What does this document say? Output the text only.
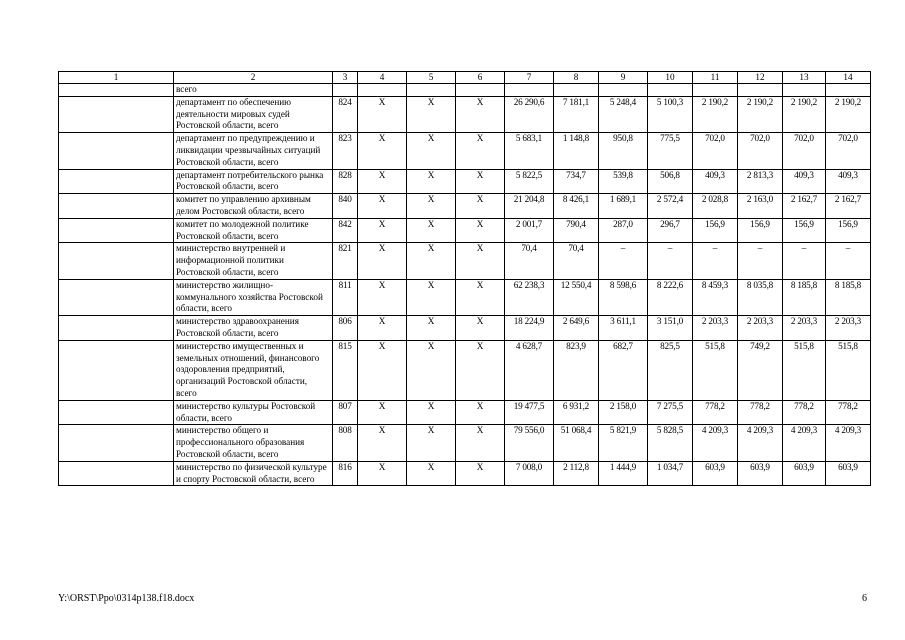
1	2	3	4	5	6	7	8	9	10	11	12	13	14
	всего												
	департамент по обеспечению деятельности мировых судей Ростовской области, всего	824	X	X	X	26 290,6	7 181,1	5 248,4	5 100,3	2 190,2	2 190,2	2 190,2	2 190,2
	департамент по предупреждению и ликвидации чрезвычайных ситуаций Ростовской области, всего	823	X	X	X	5 683,1	1 148,8	950,8	775,5	702,0	702,0	702,0	702,0
	департамент потребительского рынка Ростовской области, всего	828	X	X	X	5 822,5	734,7	539,8	506,8	409,3	2 813,3	409,3	409,3
	комитет по управлению архивным делом Ростовской области, всего	840	X	X	X	21 204,8	8 426,1	1 689,1	2 572,4	2 028,8	2 163,0	2 162,7	2 162,7
	комитет по молодежной политике Ростовской области, всего	842	X	X	X	2 001,7	790,4	287,0	296,7	156,9	156,9	156,9	156,9
	министерство внутренней и информационной политики Ростовской области, всего	821	X	X	X	70,4	70,4	–	–	–	–	–	–
	министерство жилищно-коммунального хозяйства Ростовской области, всего	811	X	X	X	62 238,3	12 550,4	8 598,6	8 222,6	8 459,3	8 035,8	8 185,8	8 185,8
	министерство здравоохранения Ростовской области, всего	806	X	X	X	18 224,9	2 649,6	3 611,1	3 151,0	2 203,3	2 203,3	2 203,3	2 203,3
	министерство имущественных и земельных отношений, финансового оздоровления предприятий, организаций Ростовской области, всего	815	X	X	X	4 628,7	823,9	682,7	825,5	515,8	749,2	515,8	515,8
	министерство культуры Ростовской области, всего	807	X	X	X	19 477,5	6 931,2	2 158,0	7 275,5	778,2	778,2	778,2	778,2
	министерство общего и профессионального образования Ростовской области, всего	808	X	X	X	79 556,0	51 068,4	5 821,9	5 828,5	4 209,3	4 209,3	4 209,3	4 209,3
	министерство по физической культуре и спорту Ростовской области, всего	816	X	X	X	7 008,0	2 112,8	1 444,9	1 034,7	603,9	603,9	603,9	603,9
Y:\ORST\Ppo\0314p138.f18.docx	6
